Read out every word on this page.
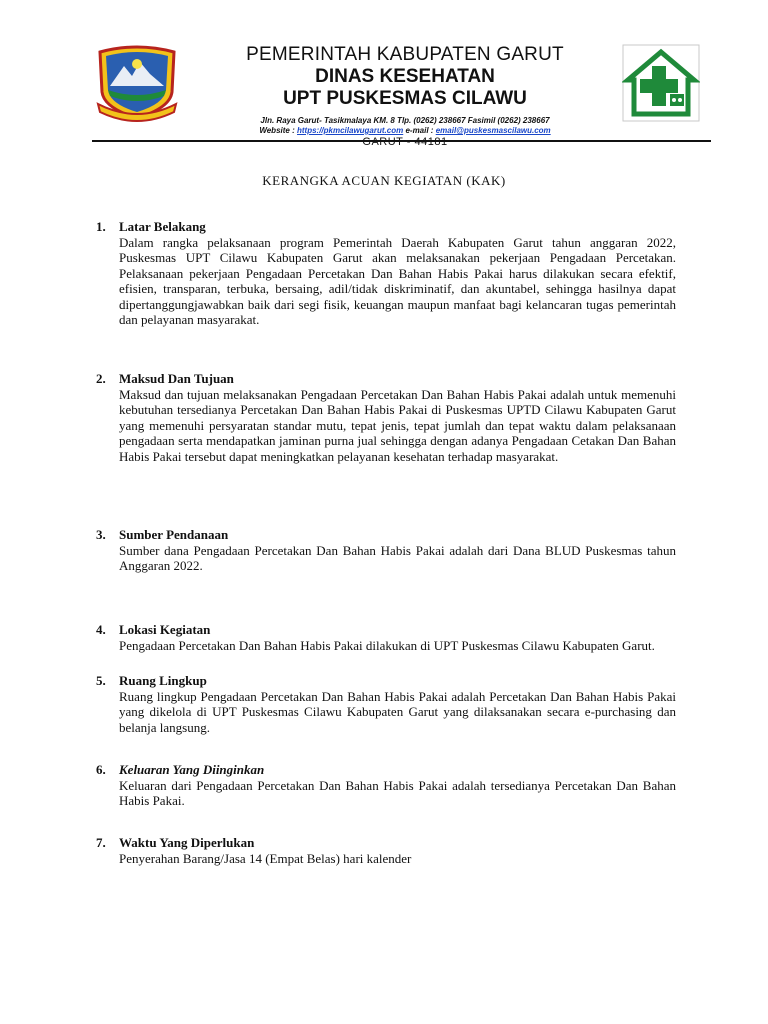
PEMERINTAH KABUPATEN GARUT
DINAS KESEHATAN
UPT PUSKESMAS CILAWU
Jln. Raya Garut- Tasikmalaya KM. 8 Tlp. (0262) 238667 Fasimil (0262) 238667
Website : https://pkmcilawugarut.com e-mail : email@puskesmascilawu.com
GARUT - 44181
KERANGKA ACUAN KEGIATAN (KAK)
1. Latar Belakang
Dalam rangka pelaksanaan program Pemerintah Daerah Kabupaten Garut tahun anggaran 2022, Puskesmas UPT Cilawu Kabupaten Garut akan melaksanakan pekerjaan Pengadaan Percetakan. Pelaksanaan pekerjaan Pengadaan Percetakan Dan Bahan Habis Pakai harus dilakukan secara efektif, efisien, transparan, terbuka, bersaing, adil/tidak diskriminatif, dan akuntabel, sehingga hasilnya dapat dipertanggungjawabkan baik dari segi fisik, keuangan maupun manfaat bagi kelancaran tugas pemerintah dan pelayanan masyarakat.
2. Maksud Dan Tujuan
Maksud dan tujuan melaksanakan Pengadaan Percetakan Dan Bahan Habis Pakai adalah untuk memenuhi kebutuhan tersedianya Percetakan Dan Bahan Habis Pakai di Puskesmas UPTD Cilawu Kabupaten Garut yang memenuhi persyaratan standar mutu, tepat jenis, tepat jumlah dan tepat waktu dalam pelaksanaan pengadaan serta mendapatkan jaminan purna jual sehingga dengan adanya Pengadaan Cetakan Dan Bahan Habis Pakai tersebut dapat meningkatkan pelayanan kesehatan terhadap masyarakat.
3. Sumber Pendanaan
Sumber dana Pengadaan Percetakan Dan Bahan Habis Pakai adalah dari Dana BLUD Puskesmas tahun Anggaran 2022.
4. Lokasi Kegiatan
Pengadaan Percetakan Dan Bahan Habis Pakai dilakukan di UPT Puskesmas Cilawu Kabupaten Garut.
5. Ruang Lingkup
Ruang lingkup Pengadaan Percetakan Dan Bahan Habis Pakai adalah Percetakan Dan Bahan Habis Pakai yang dikelola di UPT Puskesmas Cilawu Kabupaten Garut yang dilaksanakan secara e-purchasing dan belanja langsung.
6. Keluaran Yang Diinginkan
Keluaran dari Pengadaan Percetakan Dan Bahan Habis Pakai adalah tersedianya Percetakan Dan Bahan Habis Pakai.
7. Waktu Yang Diperlukan
Penyerahan Barang/Jasa 14 (Empat Belas) hari kalender
